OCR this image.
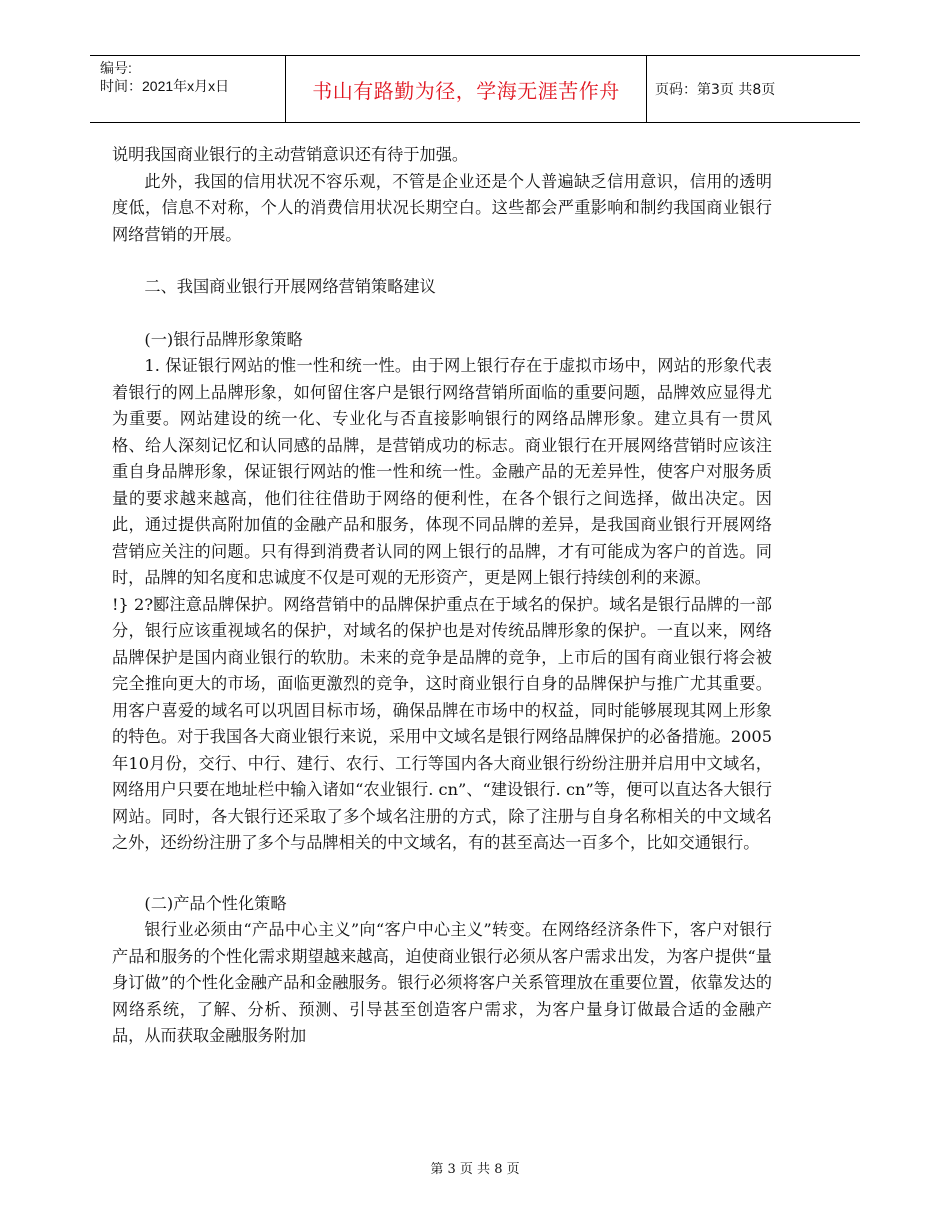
编号:
时间：2021年x月x日	书山有路勤为径，学海无涯苦作舟	页码：第3页 共8页

说明我国商业银行的主动营销意识还有待于加强。

此外，我国的信用状况不容乐观，不管是企业还是个人普遍缺乏信用意识，信用的透明度低，信息不对称，个人的消费信用状况长期空白。这些都会严重影响和制约我国商业银行网络营销的开展。

二、我国商业银行开展网络营销策略建议

(一)银行品牌形象策略

1. 保证银行网站的惟一性和统一性。由于网上银行存在于虚拟市场中，网站的形象代表着银行的网上品牌形象，如何留住客户是银行网络营销所面临的重要问题，品牌效应显得尤为重要。网站建设的统一化、专业化与否直接影响银行的网络品牌形象。建立具有一贯风格、给人深刻记忆和认同感的品牌，是营销成功的标志。商业银行在开展网络营销时应该注重自身品牌形象，保证银行网站的惟一性和统一性。金融产品的无差异性，使客户对服务质量的要求越来越高，他们往往借助于网络的便利性，在各个银行之间选择，做出决定。因此，通过提供高附加值的金融产品和服务，体现不同品牌的差异，是我国商业银行开展网络营销应关注的问题。只有得到消费者认同的网上银行的品牌，才有可能成为客户的首选。同时，品牌的知名度和忠诚度不仅是可观的无形资产，更是网上银行持续创利的来源。

!} 2?郾注意品牌保护。网络营销中的品牌保护重点在于域名的保护。域名是银行品牌的一部分，银行应该重视域名的保护，对域名的保护也是对传统品牌形象的保护。一直以来，网络品牌保护是国内商业银行的软肋。未来的竞争是品牌的竞争，上市后的国有商业银行将会被完全推向更大的市场，面临更激烈的竞争，这时商业银行自身的品牌保护与推广尤其重要。用客户喜爱的域名可以巩固目标市场，确保品牌在市场中的权益，同时能够展现其网上形象的特色。对于我国各大商业银行来说，采用中文域名是银行网络品牌保护的必备措施。2005年10月份，交行、中行、建行、农行、工行等国内各大商业银行纷纷注册并启用中文域名，网络用户只要在地址栏中输入诸如“农业银行. cn”、“建设银行. cn”等，便可以直达各大银行网站。同时，各大银行还采取了多个域名注册的方式，除了注册与自身名称相关的中文域名之外，还纷纷注册了多个与品牌相关的中文域名，有的甚至高达一百多个，比如交通银行。

(二)产品个性化策略

银行业必须由“产品中心主义”向“客户中心主义”转变。在网络经济条件下，客户对银行产品和服务的个性化需求期望越来越高，迫使商业银行必须从客户需求出发，为客户提供“量身订做”的个性化金融产品和金融服务。银行必须将客户关系管理放在重要位置，依靠发达的网络系统，了解、分析、预测、引导甚至创造客户需求，为客户量身订做最合适的金融产品，从而获取金融服务附加

第 3 页 共 8 页
